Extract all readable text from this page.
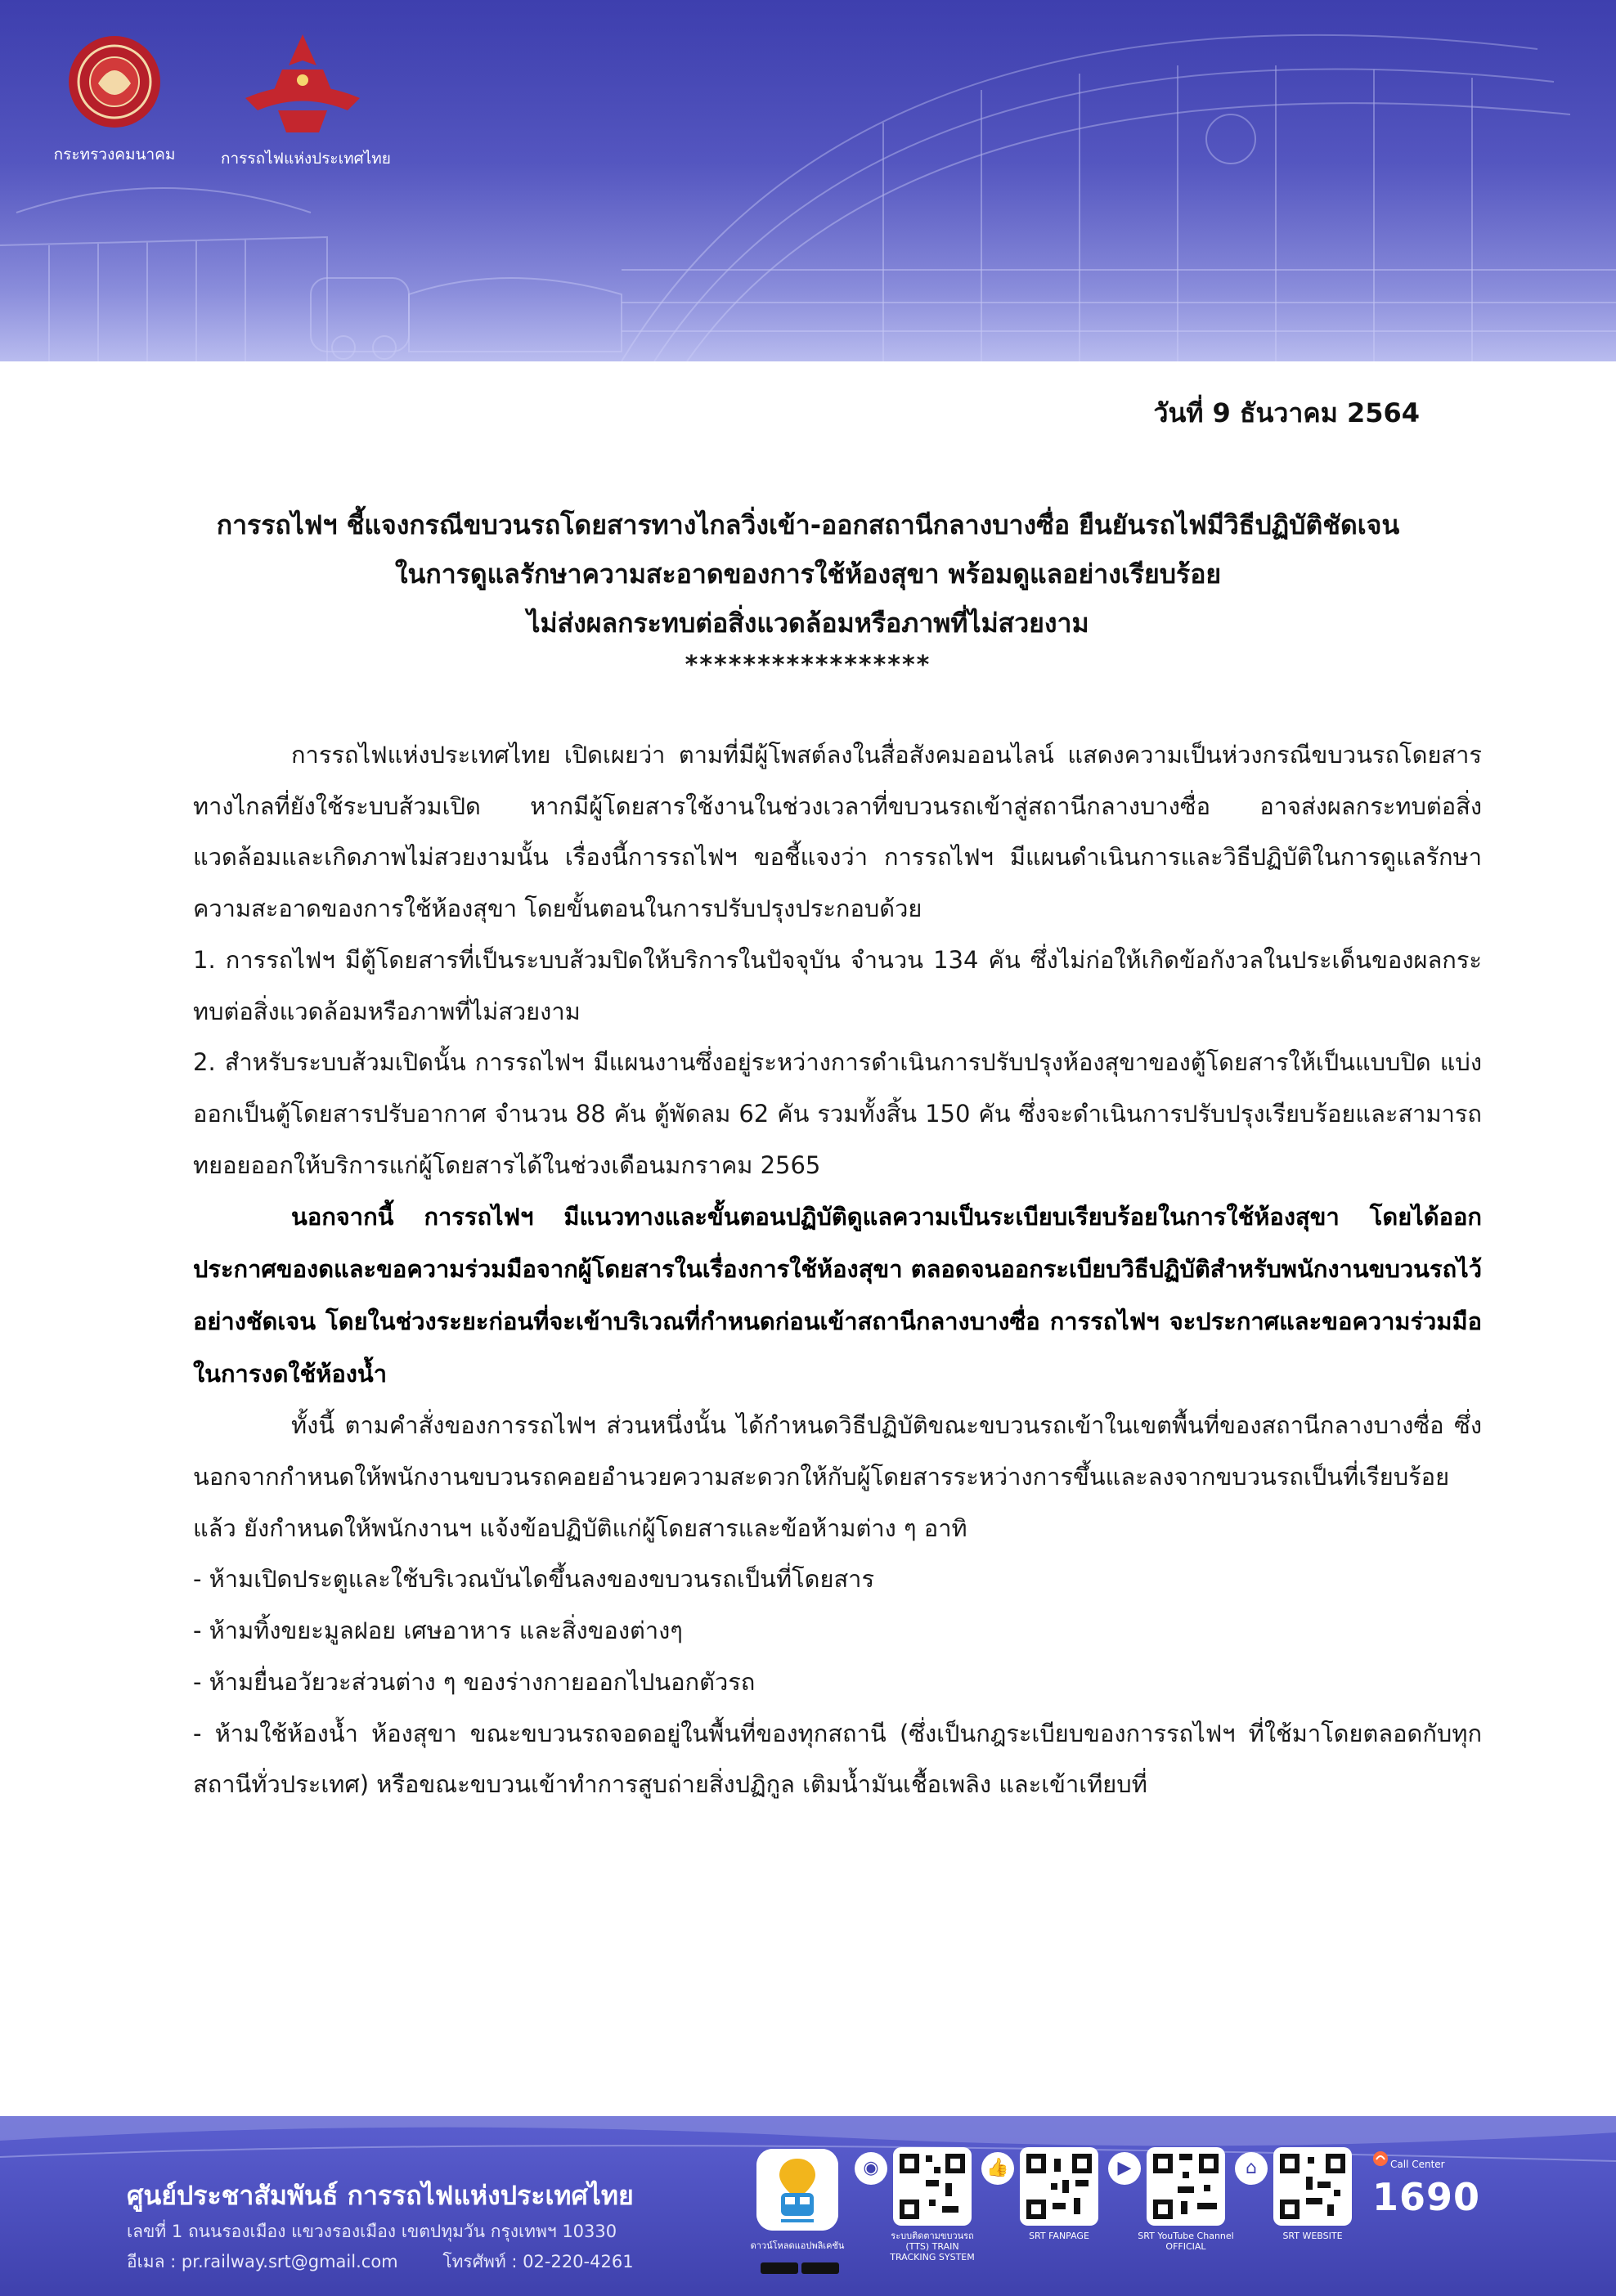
กระทรวงคมนาคม	การรถไฟแห่งประเทศไทย
วันที่ 9 ธันวาคม 2564
การรถไฟฯ ชี้แจงกรณีขบวนรถโดยสารทางไกลวิ่งเข้า-ออกสถานีกลางบางซื่อ ยืนยันรถไฟมีวิธีปฏิบัติชัดเจน
ในการดูแลรักษาความสะอาดของการใช้ห้องสุขา พร้อมดูแลอย่างเรียบร้อย
ไม่ส่งผลกระทบต่อสิ่งแวดล้อมหรือภาพที่ไม่สวยงาม
*****************

การรถไฟแห่งประเทศไทย เปิดเผยว่า ตามที่มีผู้โพสต์ลงในสื่อสังคมออนไลน์ แสดงความเป็นห่วงกรณีขบวนรถโดยสารทางไกลที่ยังใช้ระบบส้วมเปิด หากมีผู้โดยสารใช้งานในช่วงเวลาที่ขบวนรถเข้าสู่สถานีกลางบางซื่อ อาจส่งผลกระทบต่อสิ่งแวดล้อมและเกิดภาพไม่สวยงามนั้น เรื่องนี้การรถไฟฯ ขอชี้แจงว่า การรถไฟฯ มีแผนดำเนินการและวิธีปฏิบัติในการดูแลรักษาความสะอาดของการใช้ห้องสุขา โดยขั้นตอนในการปรับปรุงประกอบด้วย

1. การรถไฟฯ มีตู้โดยสารที่เป็นระบบส้วมปิดให้บริการในปัจจุบัน จำนวน 134 คัน ซึ่งไม่ก่อให้เกิดข้อกังวลในประเด็นของผลกระทบต่อสิ่งแวดล้อมหรือภาพที่ไม่สวยงาม

2. สำหรับระบบส้วมเปิดนั้น การรถไฟฯ มีแผนงานซึ่งอยู่ระหว่างการดำเนินการปรับปรุงห้องสุขาของตู้โดยสารให้เป็นแบบปิด แบ่งออกเป็นตู้โดยสารปรับอากาศ จำนวน 88 คัน ตู้พัดลม 62 คัน รวมทั้งสิ้น 150 คัน ซึ่งจะดำเนินการปรับปรุงเรียบร้อยและสามารถทยอยออกให้บริการแก่ผู้โดยสารได้ในช่วงเดือนมกราคม 2565

นอกจากนี้ การรถไฟฯ มีแนวทางและขั้นตอนปฏิบัติดูแลความเป็นระเบียบเรียบร้อยในการใช้ห้องสุขา โดยได้ออกประกาศของดและขอความร่วมมือจากผู้โดยสารในเรื่องการใช้ห้องสุขา ตลอดจนออกระเบียบวิธีปฏิบัติสำหรับพนักงานขบวนรถไว้อย่างชัดเจน โดยในช่วงระยะก่อนที่จะเข้าบริเวณที่กำหนดก่อนเข้าสถานีกลางบางซื่อ การรถไฟฯ จะประกาศและขอความร่วมมือในการงดใช้ห้องน้ำ

ทั้งนี้ ตามคำสั่งของการรถไฟฯ ส่วนหนึ่งนั้น ได้กำหนดวิธีปฏิบัติขณะขบวนรถเข้าในเขตพื้นที่ของสถานีกลางบางซื่อ ซึ่งนอกจากกำหนดให้พนักงานขบวนรถคอยอำนวยความสะดวกให้กับผู้โดยสารระหว่างการขึ้นและลงจากขบวนรถเป็นที่เรียบร้อยแล้ว ยังกำหนดให้พนักงานฯ แจ้งข้อปฏิบัติแก่ผู้โดยสารและข้อห้ามต่าง ๆ อาทิ

- ห้ามเปิดประตูและใช้บริเวณบันไดขึ้นลงของขบวนรถเป็นที่โดยสาร

- ห้ามทิ้งขยะมูลฝอย เศษอาหาร และสิ่งของต่างๆ

- ห้ามยื่นอวัยวะส่วนต่าง ๆ ของร่างกายออกไปนอกตัวรถ

- ห้ามใช้ห้องน้ำ ห้องสุขา ขณะขบวนรถจอดอยู่ในพื้นที่ของทุกสถานี (ซึ่งเป็นกฎระเบียบของการรถไฟฯ ที่ใช้มาโดยตลอดกับทุกสถานีทั่วประเทศ) หรือขณะขบวนเข้าทำการสูบถ่ายสิ่งปฏิกูล เติมน้ำมันเชื้อเพลิง และเข้าเทียบที่

ศูนย์ประชาสัมพันธ์ การรถไฟแห่งประเทศไทย
เลขที่ 1 ถนนรองเมือง แขวงรองเมือง เขตปทุมวัน กรุงเทพฯ 10330
อีเมล : pr.railway.srt@gmail.com	โทรศัพท์ : 02-220-4261
ดาวน์โหลดแอปพลิเคชัน
◉
ระบบติดตามขบวนรถ (TTS) TRAIN TRACKING SYSTEM
👍
SRT FANPAGE
▶
SRT YouTube Channel OFFICIAL
⌂
SRT WEBSITE
Call Center
1690
